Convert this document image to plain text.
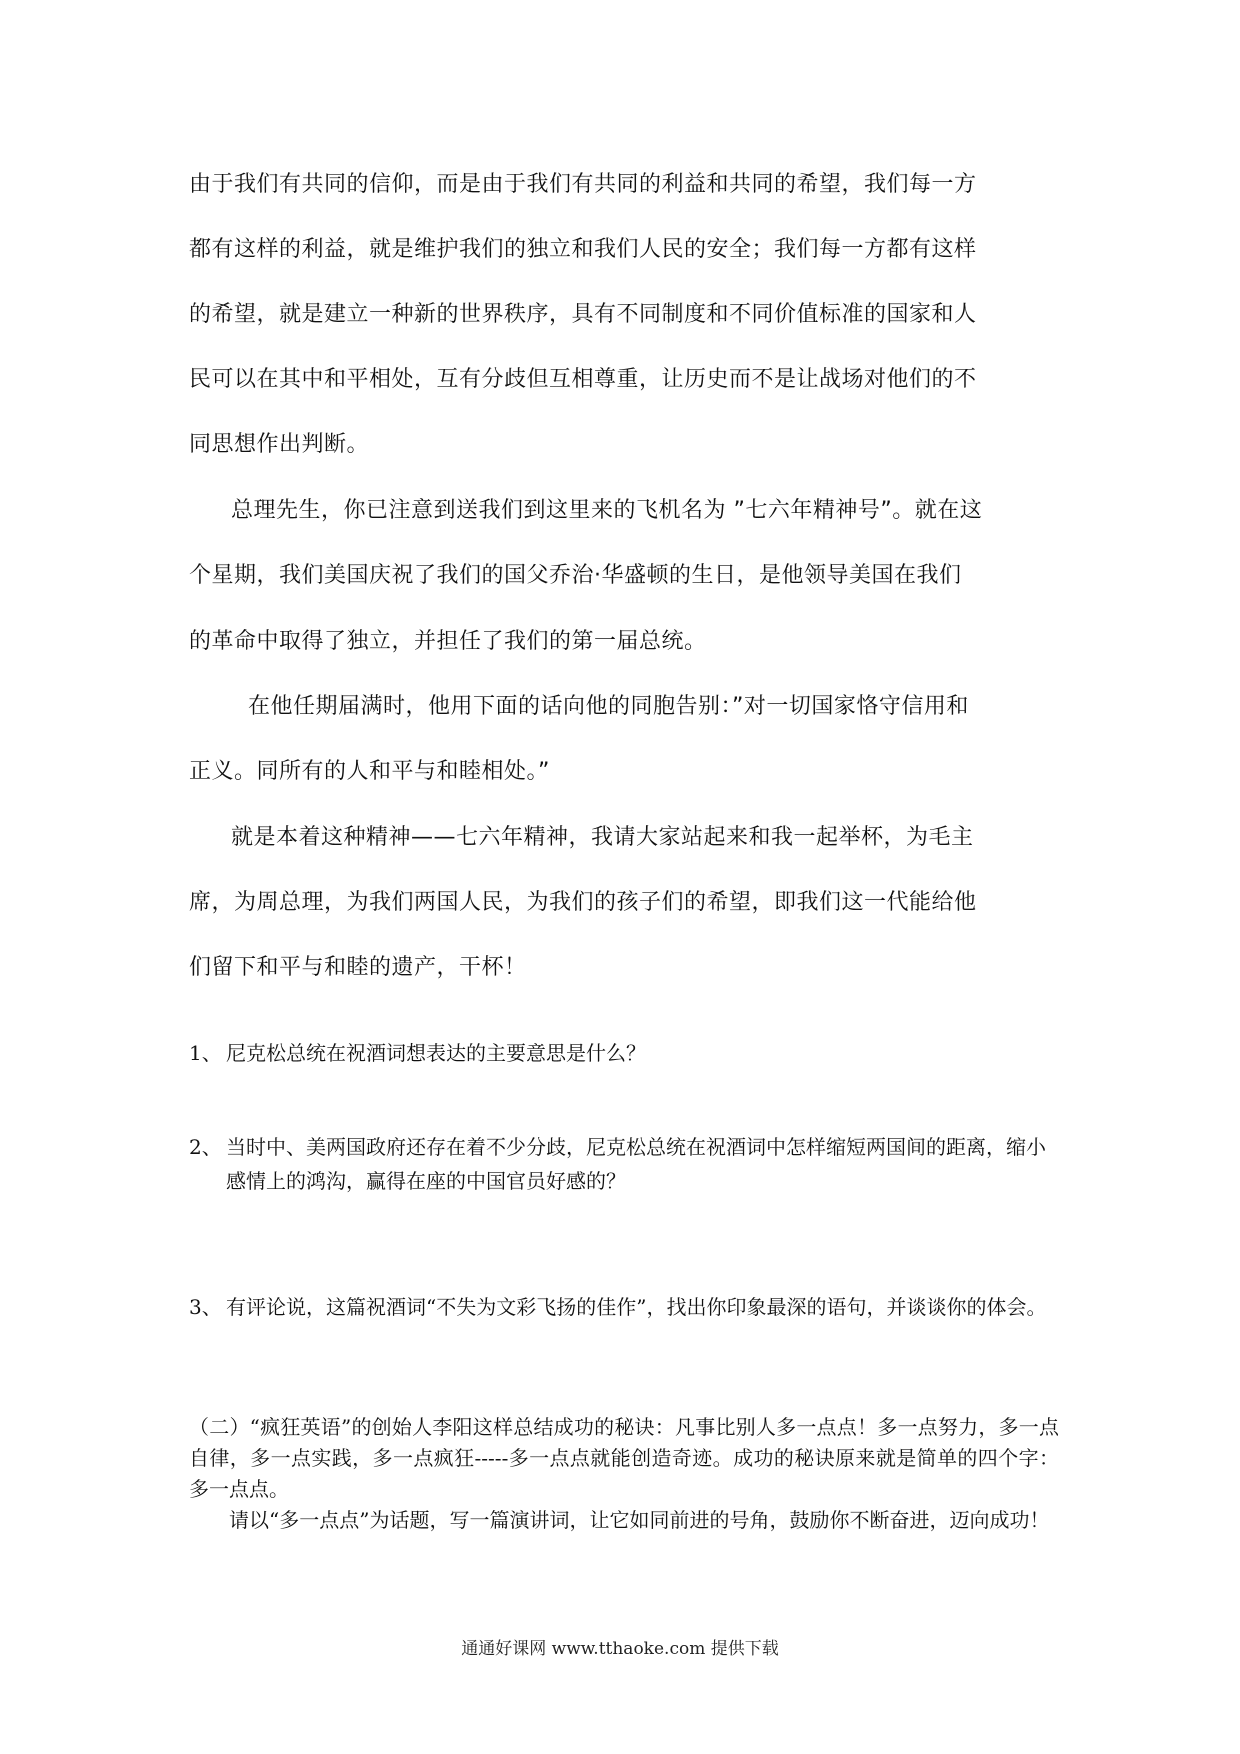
由于我们有共同的信仰，而是由于我们有共同的利益和共同的希望，我们每一方
都有这样的利益，就是维护我们的独立和我们人民的安全；我们每一方都有这样
的希望，就是建立一种新的世界秩序，具有不同制度和不同价值标准的国家和人
民可以在其中和平相处，互有分歧但互相尊重，让历史而不是让战场对他们的不
同思想作出判断。
总理先生，你已注意到送我们到这里来的飞机名为 ”七六年精神号”。就在这
个星期，我们美国庆祝了我们的国父乔治·华盛顿的生日，是他领导美国在我们
的革命中取得了独立，并担任了我们的第一届总统。
在他任期届满时，他用下面的话向他的同胞告别：”对一切国家恪守信用和
正义。同所有的人和平与和睦相处。”
就是本着这种精神——七六年精神，我请大家站起来和我一起举杯，为毛主
席，为周总理，为我们两国人民，为我们的孩子们的希望，即我们这一代能给他
们留下和平与和睦的遗产，干杯！
1、 尼克松总统在祝酒词想表达的主要意思是什么？
2、 当时中、美两国政府还存在着不少分歧，尼克松总统在祝酒词中怎样缩短两国间的距离，缩小感情上的鸿沟，赢得在座的中国官员好感的？
3、 有评论说，这篇祝酒词“不失为文彩飞扬的佳作”，找出你印象最深的语句，并谈谈你的体会。

（二）“疯狂英语”的创始人李阳这样总结成功的秘诀：凡事比别人多一点点！多一点努力，多一点自律，多一点实践，多一点疯狂-----多一点点就能创造奇迹。成功的秘诀原来就是简单的四个字：多一点点。

请以“多一点点”为话题，写一篇演讲词，让它如同前进的号角，鼓励你不断奋进，迈向成功！

通通好课网 www.tthaoke.com 提供下载
